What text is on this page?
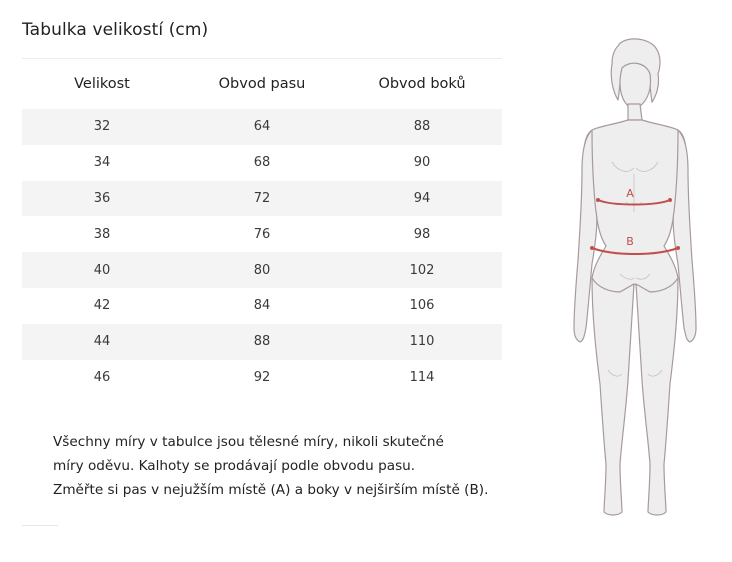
Tabulka velikostí (cm)
Velikost	Obvod pasu	Obvod boků
32	64	88
34	68	90
36	72	94
38	76	98
40	80	102
42	84	106
44	88	110
46	92	114
Všechny míry v tabulce jsou tělesné míry, nikoli skutečné
míry oděvu. Kalhoty se prodávají podle obvodu pasu.
Změřte si pas v nejužším místě (A) a boky v nejširším místě (B).
A
B
